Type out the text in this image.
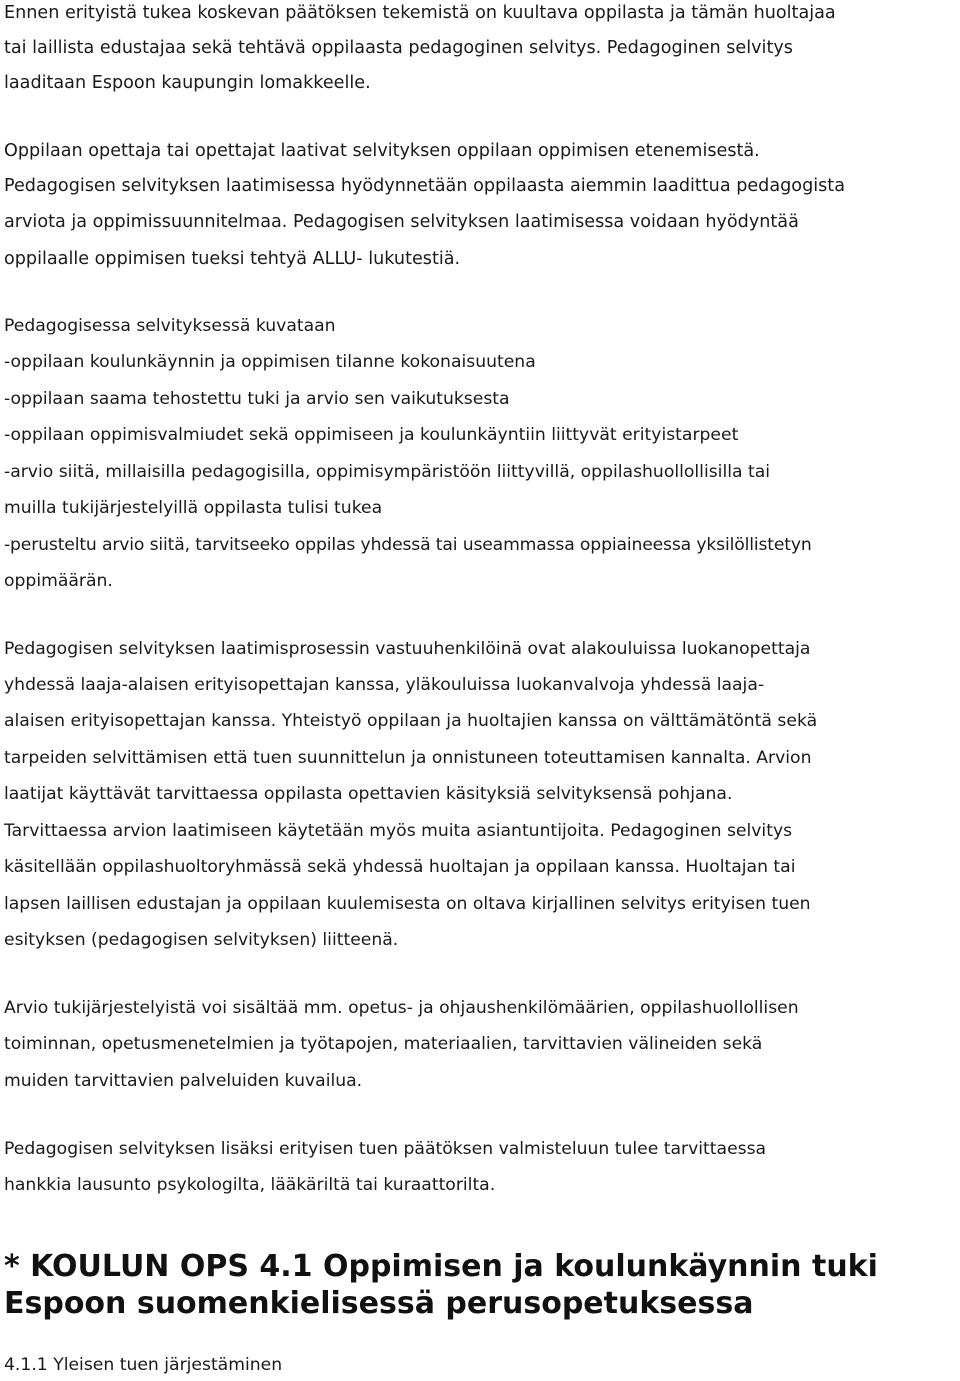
Ennen erityistä tukea koskevan päätöksen tekemistä on kuultava oppilasta ja tämän huoltajaa
tai laillista edustajaa sekä tehtävä oppilaasta pedagoginen selvitys. Pedagoginen selvitys
laaditaan Espoon kaupungin lomakkeelle.
Oppilaan opettaja tai opettajat laativat selvityksen oppilaan oppimisen etenemisestä.
Pedagogisen selvityksen laatimisessa hyödynnetään oppilaasta aiemmin laadittua pedagogista
arviota ja oppimissuunnitelmaa. Pedagogisen selvityksen laatimisessa voidaan hyödyntää
oppilaalle oppimisen tueksi tehtyä ALLU- lukutestiä.
Pedagogisessa selvityksessä kuvataan
-oppilaan koulunkäynnin ja oppimisen tilanne kokonaisuutena
-oppilaan saama tehostettu tuki ja arvio sen vaikutuksesta
-oppilaan oppimisvalmiudet sekä oppimiseen ja koulunkäyntiin liittyvät erityistarpeet
-arvio siitä, millaisilla pedagogisilla, oppimisympäristöön liittyvillä, oppilashuollollisilla tai
muilla tukijärjestelyillä oppilasta tulisi tukea
-perusteltu arvio siitä, tarvitseeko oppilas yhdessä tai useammassa oppiaineessa yksilöllistetyn
oppimäärän.
Pedagogisen selvityksen laatimisprosessin vastuuhenkilöinä ovat alakouluissa luokanopettaja
yhdessä laaja-alaisen erityisopettajan kanssa, yläkouluissa luokanvalvoja yhdessä laaja-
alaisen erityisopettajan kanssa. Yhteistyö oppilaan ja huoltajien kanssa on välttämätöntä sekä
tarpeiden selvittämisen että tuen suunnittelun ja onnistuneen toteuttamisen kannalta. Arvion
laatijat käyttävät tarvittaessa oppilasta opettavien käsityksiä selvityksensä pohjana.
Tarvittaessa arvion laatimiseen käytetään myös muita asiantuntijoita. Pedagoginen selvitys
käsitellään oppilashuoltoryhmässä sekä yhdessä huoltajan ja oppilaan kanssa. Huoltajan tai
lapsen laillisen edustajan ja oppilaan kuulemisesta on oltava kirjallinen selvitys erityisen tuen
esityksen (pedagogisen selvityksen) liitteenä.
Arvio tukijärjestelyistä voi sisältää mm. opetus- ja ohjaushenkilömäärien, oppilashuollollisen
toiminnan, opetusmenetelmien ja työtapojen, materiaalien, tarvittavien välineiden sekä
muiden tarvittavien palveluiden kuvailua.
Pedagogisen selvityksen lisäksi erityisen tuen päätöksen valmisteluun tulee tarvittaessa
hankkia lausunto psykologilta, lääkäriltä tai kuraattorilta.
* KOULUN OPS 4.1 Oppimisen ja koulunkäynnin tuki
Espoon suomenkielisessä perusopetuksessa
4.1.1 Yleisen tuen järjestäminen
